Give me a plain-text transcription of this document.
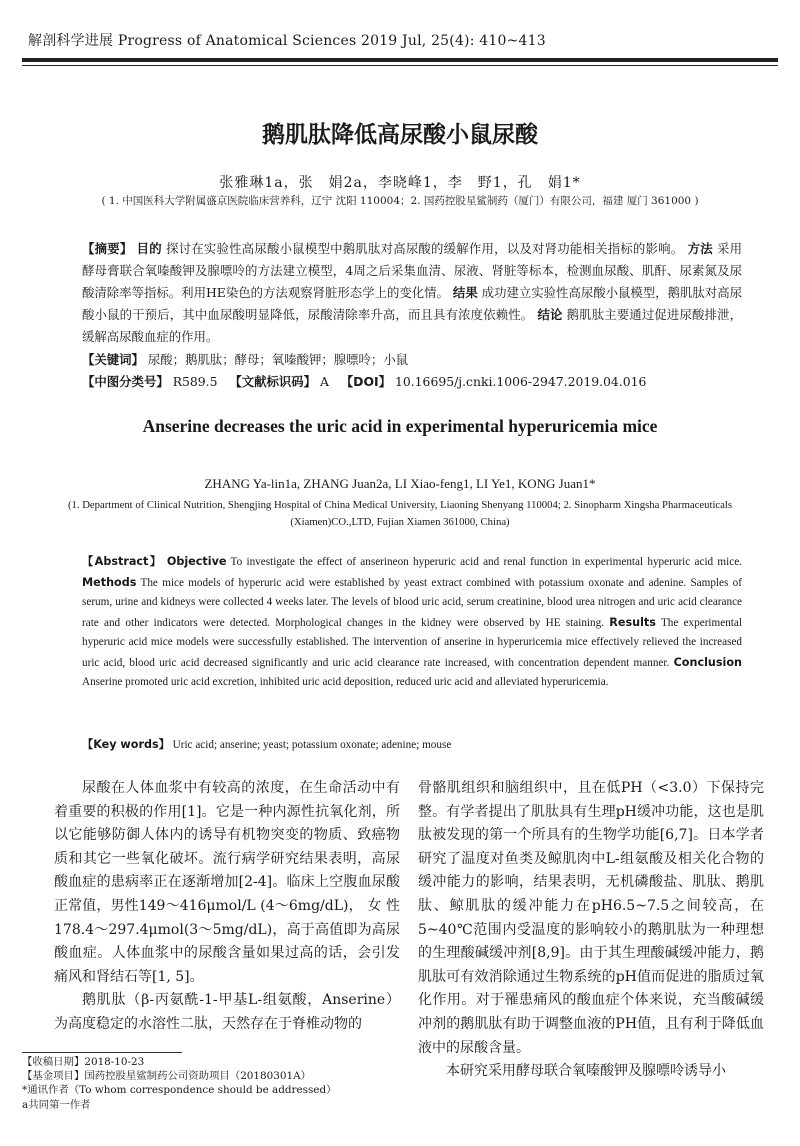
解剖科学进展 Progress of Anatomical Sciences 2019 Jul, 25(4): 410~413
鹅肌肽降低高尿酸小鼠尿酸
张雅琳1a，张　娟2a，李晓峰1，李　野1，孔　娟1*
( 1. 中国医科大学附属盛京医院临床营养科，辽宁 沈阳 110004；2. 国药控股星鲨制药（厦门）有限公司，福建 厦门 361000 )
【摘要】 目的 探讨在实验性高尿酸小鼠模型中鹅肌肽对高尿酸的缓解作用，以及对肾功能相关指标的影响。 方法 采用酵母膏联合氧嗪酸钾及腺嘌呤的方法建立模型，4周之后采集血清、尿液、肾脏等标本，检测血尿酸、肌酐、尿素氮及尿酸清除率等指标。利用HE染色的方法观察肾脏形态学上的变化情。 结果 成功建立实验性高尿酸小鼠模型，鹅肌肽对高尿酸小鼠的干预后，其中血尿酸明显降低，尿酸清除率升高，而且具有浓度依赖性。 结论 鹅肌肽主要通过促进尿酸排泄，缓解高尿酸血症的作用。
【关键词】 尿酸；鹅肌肽；酵母；氧嗪酸钾；腺嘌呤；小鼠
【中图分类号】 R589.5 【文献标识码】 A 【DOI】 10.16695/j.cnki.1006-2947.2019.04.016
Anserine decreases the uric acid in experimental hyperuricemia mice
ZHANG Ya-lin1a, ZHANG Juan2a, LI Xiao-feng1, LI Ye1, KONG Juan1*
(1. Department of Clinical Nutrition, Shengjing Hospital of China Medical University, Liaoning Shenyang 110004; 2. Sinopharm Xingsha Pharmaceuticals (Xiamen)CO.,LTD, Fujian Xiamen 361000, China)
【Abstract】 Objective To investigate the effect of anserineon hyperuric acid and renal function in experimental hyperuric acid mice. Methods The mice models of hyperuric acid were established by yeast extract combined with potassium oxonate and adenine. Samples of serum, urine and kidneys were collected 4 weeks later. The levels of blood uric acid, serum creatinine, blood urea nitrogen and uric acid clearance rate and other indicators were detected. Morphological changes in the kidney were observed by HE staining. Results The experimental hyperuric acid mice models were successfully established. The intervention of anserine in hyperuricemia mice effectively relieved the increased uric acid, blood uric acid decreased significantly and uric acid clearance rate increased, with concentration dependent manner. Conclusion Anserine promoted uric acid excretion, inhibited uric acid deposition, reduced uric acid and alleviated hyperuricemia.
【Key words】 Uric acid; anserine; yeast; potassium oxonate; adenine; mouse

尿酸在人体血浆中有较高的浓度，在生命活动中有着重要的积极的作用[1]。它是一种内源性抗氧化剂，所以它能够防御人体内的诱导有机物突变的物质、致癌物质和其它一些氧化破坏。流行病学研究结果表明，高尿酸血症的患病率正在逐渐增加[2-4]。临床上空腹血尿酸正常值，男性149～416μmol/L (4～6mg/dL)， 女 性 178.4～297.4μmol(3～5mg/dL)，高于高值即为高尿酸血症。人体血浆中的尿酸含量如果过高的话，会引发痛风和肾结石等[1, 5]。

鹅肌肽（β-丙氨酰-1-甲基L-组氨酸，Anserine）为高度稳定的水溶性二肽，天然存在于脊椎动物的

骨骼肌组织和脑组织中，且在低PH（<3.0）下保持完整。有学者提出了肌肽具有生理pH缓冲功能，这也是肌肽被发现的第一个所具有的生物学功能[6,7]。日本学者研究了温度对鱼类及鲸肌肉中L-组氨酸及相关化合物的缓冲能力的影响，结果表明，无机磷酸盐、肌肽、鹅肌肽、鲸肌肽的缓冲能力在pH6.5~7.5之间较高，在5~40℃范围内受温度的影响较小的鹅肌肽为一种理想的生理酸碱缓冲剂[8,9]。由于其生理酸碱缓冲能力，鹅肌肽可有效消除通过生物系统的pH值而促进的脂质过氧化作用。对于罹患痛风的酸血症个体来说，充当酸碱缓冲剂的鹅肌肽有助于调整血液的PH值，且有利于降低血液中的尿酸含量。

本研究采用酵母联合氧嗪酸钾及腺嘌呤诱导小

【收稿日期】2018-10-23
【基金项目】国药控股星鲨制药公司资助项目（20180301A）
*通讯作者（To whom correspondence should be addressed）
a共同第一作者
